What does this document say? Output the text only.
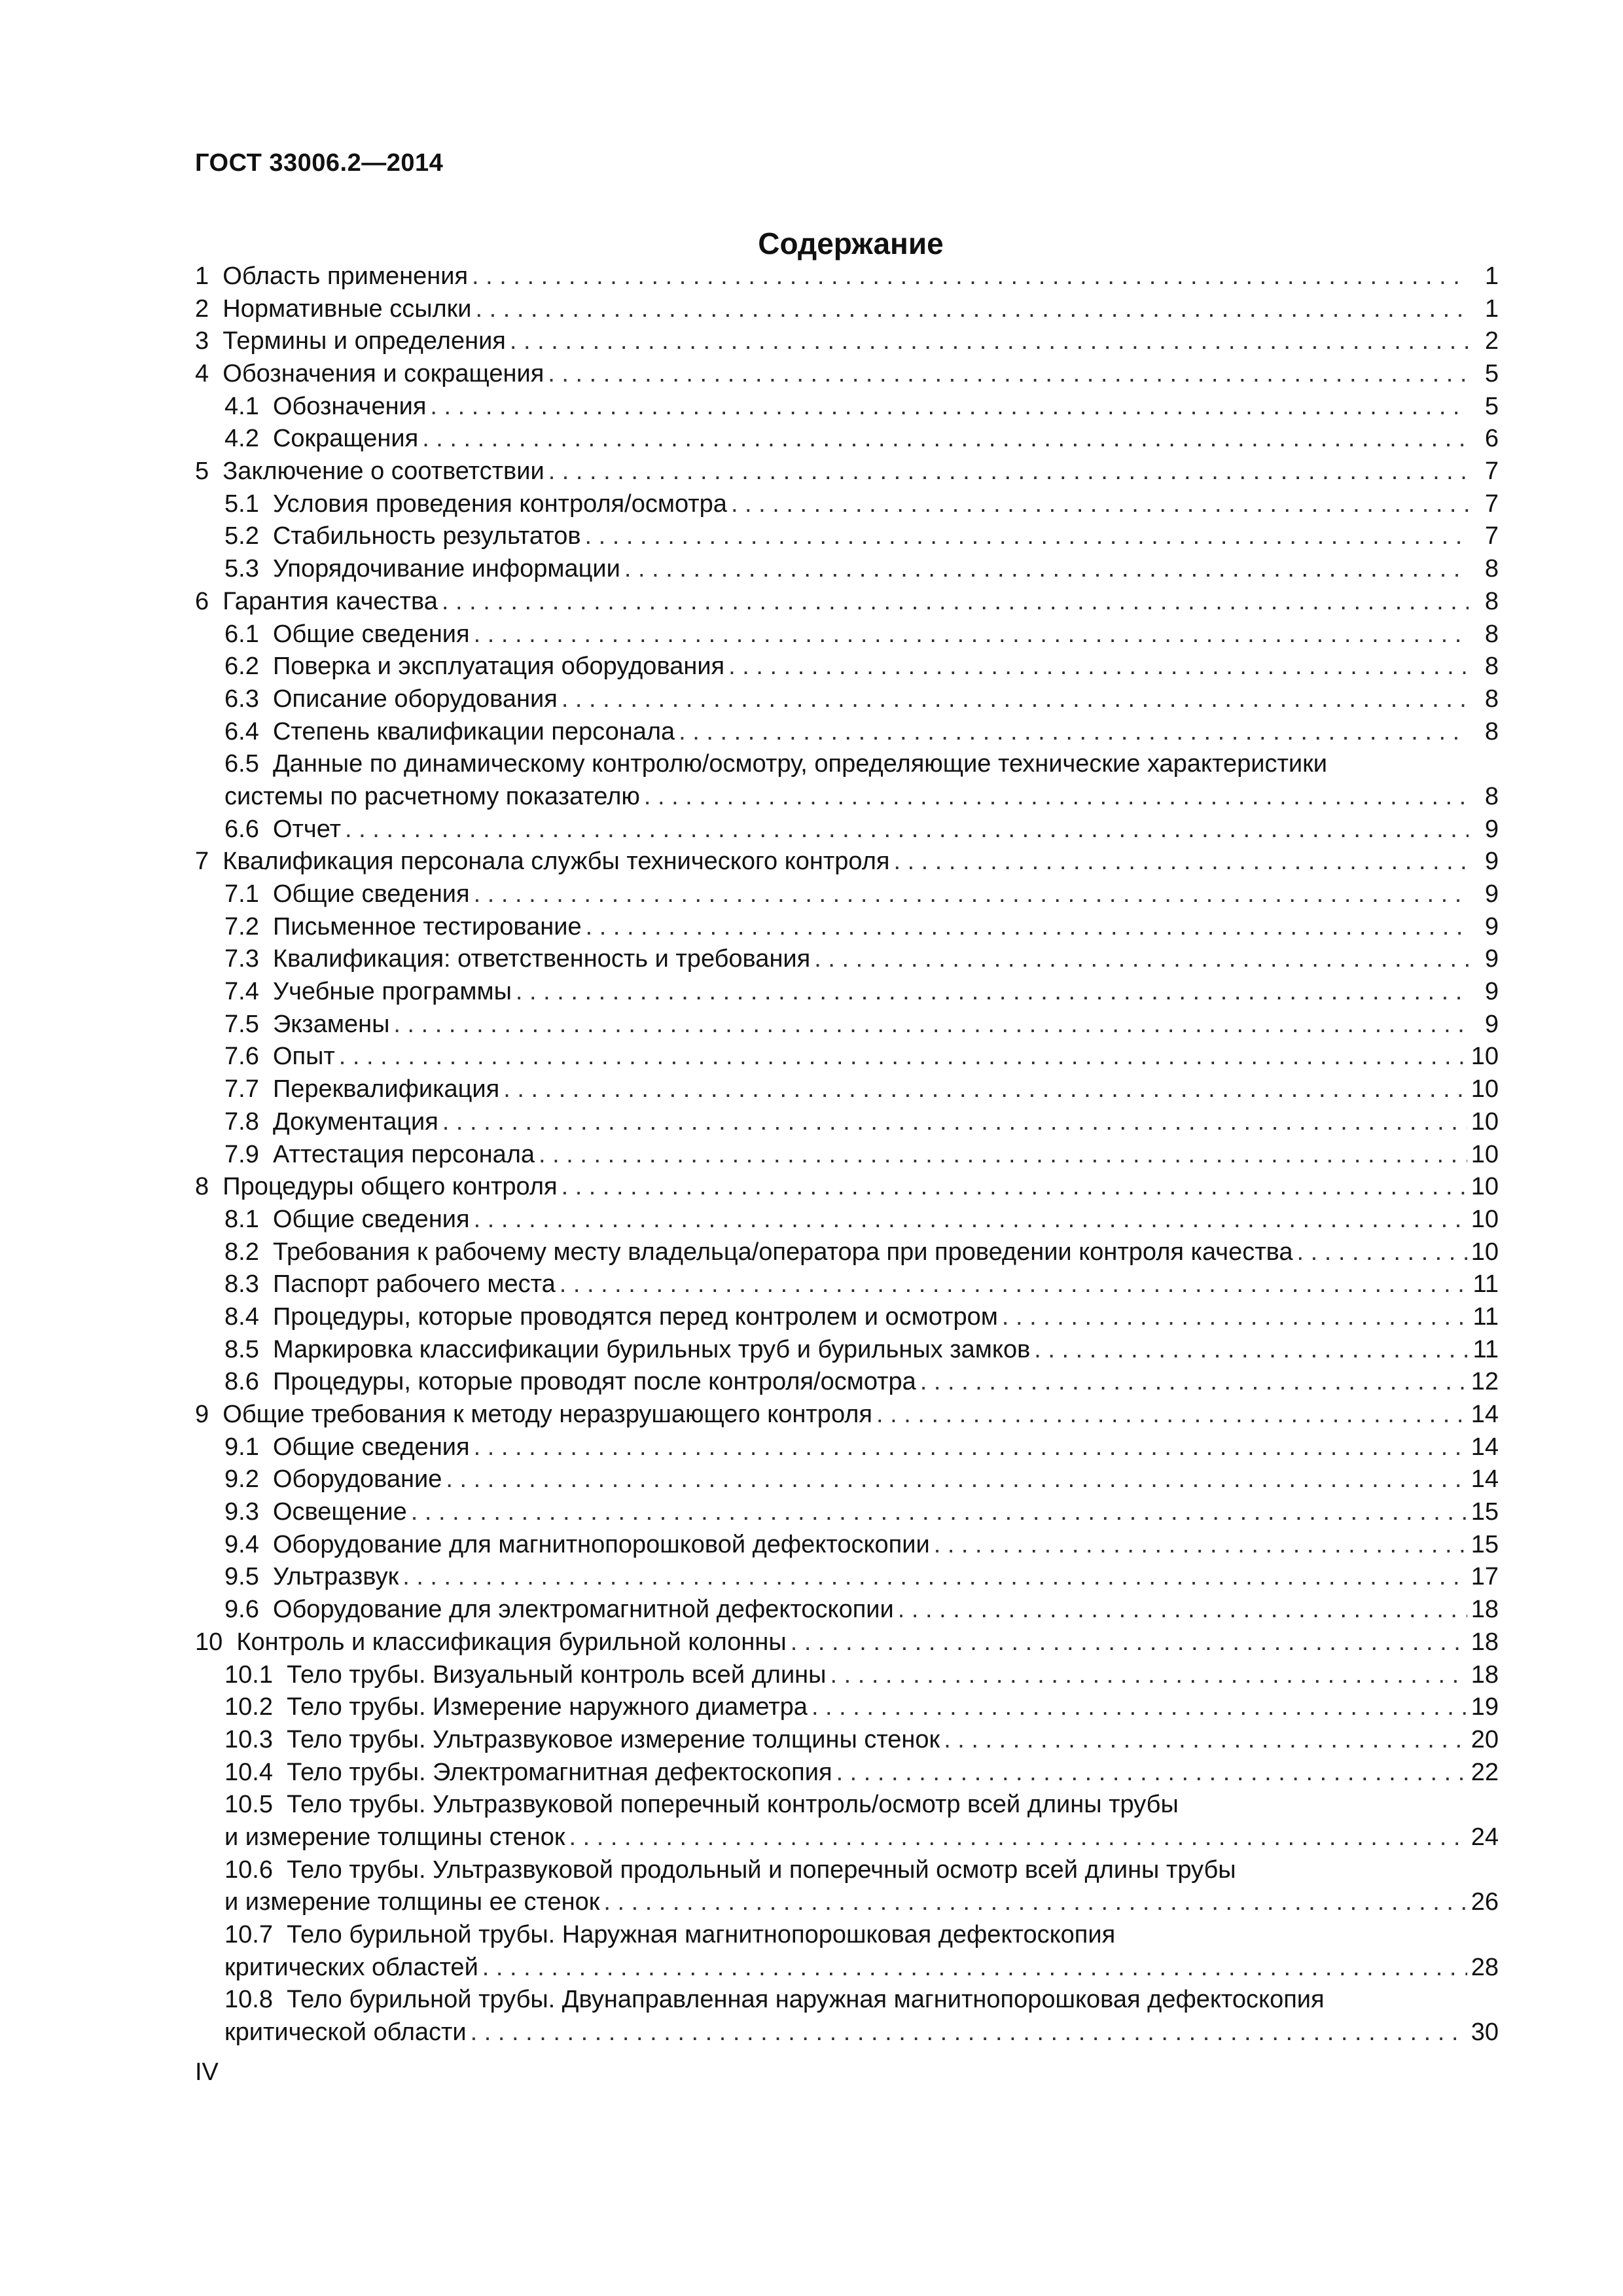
ГОСТ 33006.2—2014
Содержание
1 Область применения . . .	1
2 Нормативные ссылки . . .	1
3 Термины и определения . . .	2
4 Обозначения и сокращения . . .	5
4.1 Обозначения . . .	5
4.2 Сокращения . . .	6
5 Заключение о соответствии . . .	7
5.1 Условия проведения контроля/осмотра . . .	7
5.2 Стабильность результатов . . .	7
5.3 Упорядочивание информации . . .	8
6 Гарантия качества . . .	8
6.1 Общие сведения . . .	8
6.2 Поверка и эксплуатация оборудования . . .	8
6.3 Описание оборудования . . .	8
6.4 Степень квалификации персонала . . .	8
6.5 Данные по динамическому контролю/осмотру, определяющие технические характеристики
системы по расчетному показателю . . .	8
6.6 Отчет . . .	9
7 Квалификация персонала службы технического контроля . . .	9
7.1 Общие сведения . . .	9
7.2 Письменное тестирование . . .	9
7.3 Квалификация: ответственность и требования . . .	9
7.4 Учебные программы . . .	9
7.5 Экзамены . . .	9
7.6 Опыт . . .	10
7.7 Переквалификация . . .	10
7.8 Документация . . .	10
7.9 Аттестация персонала . . .	10
8 Процедуры общего контроля . . .	10
8.1 Общие сведения . . .	10
8.2 Требования к рабочему месту владельца/оператора при проведении контроля качества . . .	10
8.3 Паспорт рабочего места . . .	11
8.4 Процедуры, которые проводятся перед контролем и осмотром . . .	11
8.5 Маркировка классификации бурильных труб и бурильных замков . . .	11
8.6 Процедуры, которые проводят после контроля/осмотра . . .	12
9 Общие требования к методу неразрушающего контроля . . .	14
9.1 Общие сведения . . .	14
9.2 Оборудование . . .	14
9.3 Освещение . . .	15
9.4 Оборудование для магнитнопорошковой дефектоскопии . . .	15
9.5 Ультразвук . . .	17
9.6 Оборудование для электромагнитной дефектоскопии . . .	18
10 Контроль и классификация бурильной колонны . . .	18
10.1 Тело трубы. Визуальный контроль всей длины . . .	18
10.2 Тело трубы. Измерение наружного диаметра . . .	19
10.3 Тело трубы. Ультразвуковое измерение толщины стенок . . .	20
10.4 Тело трубы. Электромагнитная дефектоскопия . . .	22
10.5 Тело трубы. Ультразвуковой поперечный контроль/осмотр всей длины трубы
и измерение толщины стенок . . .	24
10.6 Тело трубы. Ультразвуковой продольный и поперечный осмотр всей длины трубы
и измерение толщины ее стенок . . .	26
10.7 Тело бурильной трубы. Наружная магнитнопорошковая дефектоскопия
критических областей . . .	28
10.8 Тело бурильной трубы. Двунаправленная наружная магнитнопорошковая дефектоскопия
критической области . . .	30
IV
